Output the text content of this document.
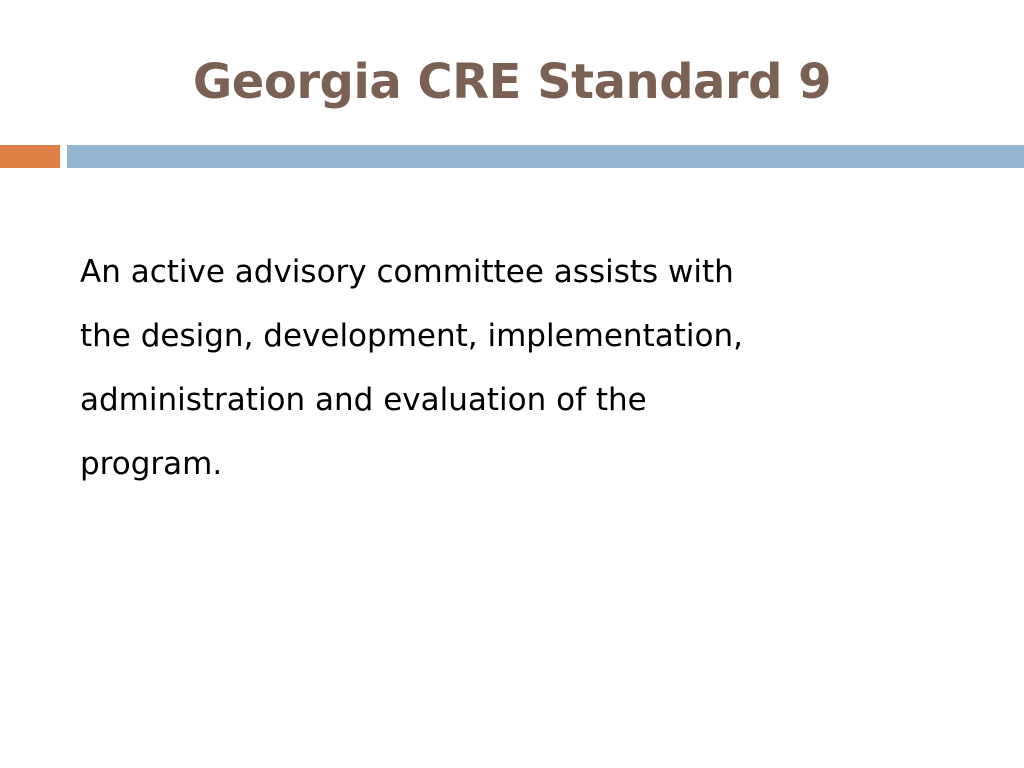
Georgia CRE Standard 9
An active advisory committee assists with
the design, development, implementation,
administration and evaluation of the
program.
